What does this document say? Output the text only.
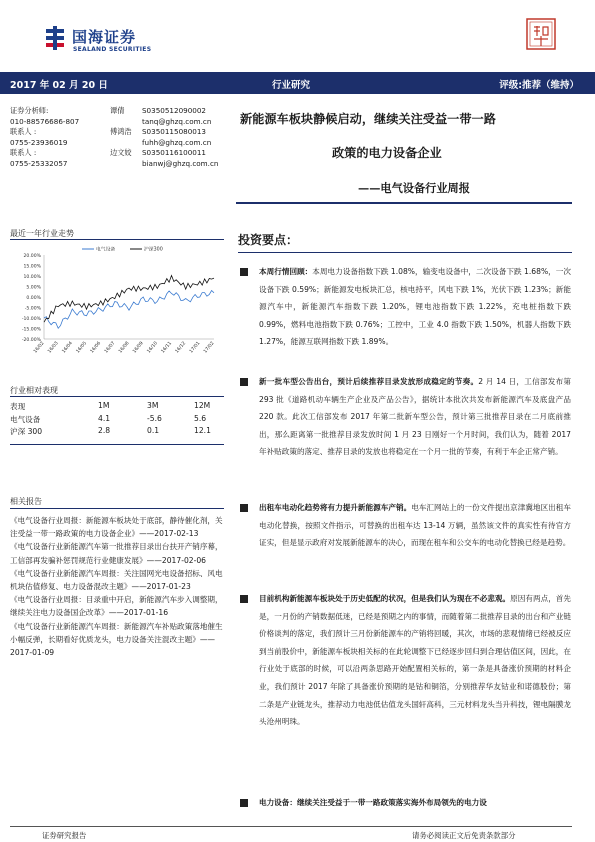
国海证券
SEALAND SECURITIES
2017 年 02 月 20 日	行业研究	评级:推荐（维持）
证券分析师:	谭倩 S0350512090002
010-88576686-807	tanq@ghzq.com.cn
联系人 :	傅鸿浩 S0350115080013
0755-23936019	fuhh@ghzq.com.cn
联系人 :	边文姣 S0350116100011
0755-25332057	bianwj@ghzq.com.cn
新能源车板块静候启动，继续关注受益一带一路
政策的电力设备企业
——电气设备行业周报
最近一年行业走势
20.00%
15.00%
10.00%
5.00%
0.00%
-5.00%
-10.00%
-15.00%
-20.00%
16/02 16/03 16/04 16/05 16/06 16/07 16/08 16/09 16/10 16/11 16/12 17/01 17/02
电气设备	沪深300
行业相对表现
表现	1M	3M	12M
电气设备	4.1	-5.6	5.6
沪深 300	2.8	0.1	12.1
相关报告
《电气设备行业周报：新能源车板块处于底部，静待催化剂，关注受益一带一路政策的电力设备企业》——2017-02-13
《电气设备行业新能源汽车第一批推荐目录出台扶开产销序幕，工信部再发骗补惩罚规范行业健康发展》——2017-02-06
《电气设备行业新能源汽车周报：关注国网光电设备招标、风电机块估值修复、电力设备混改主题》——2017-01-23
《电气设备行业周报：目录重中开启，新能源汽车步入调整期，继续关注电力设备国企改革》——2017-01-16
《电气设备行业新能源汽车周报：新能源汽车补贴政策落地催生小幅反弹，长期看好优质龙头，电力设备关注混改主题》——2017-01-09
投资要点：
本周行情回顾：本周电力设备指数下跌 1.08%，输变电设备中，二次设备下跌 1.68%，一次设备下跌 0.59%；新能源发电板块汇总，核电持平，风电下跌 1%，光伏下跌 1.23%；新能源汽车中，新能源汽车指数下跌 1.20%，锂电池指数下跌 1.22%，充电桩指数下跌 0.99%，燃料电池指数下跌 0.76%；工控中，工业 4.0 指数下跌 1.50%，机器人指数下跌 1.27%，能源互联网指数下跌 1.89%。
新一批车型公告出台，预计后续推荐目录发放形成稳定的节奏。2 月 14 日，工信部发布第 293 批《道路机动车辆生产企业及产品公告》，据统计本批次共发布新能源汽车及底盘产品 220 款。此次工信部发布 2017 年第二批新车型公告，预计第三批推荐目录在二月底前推出，那么距离第一批推荐目录发放时间 1 月 23 日刚好一个月时间，我们认为，随着 2017 年补贴政策的落定、推荐目录的发放也将稳定在一个月一批的节奏，有利于车企正常产销。
出租车电动化趋势将有力提升新能源车产销。电车汇网站上的一份文件提出京津冀地区出租车电动化替换，按照文件指示，可替换的出租车达 13-14 万辆，虽然该文件的真实性有待官方证实，但是显示政府对发展新能源车的决心，而现在租车和公交车的电动化替换已经是趋势。
目前机构新能源车板块处于历史低配的状况，但是我们认为现在不必悲观。原因有两点，首先是，一月份的产销数据低迷，已经是预期之内的事情，而随着第二批推荐目录的出台和产业链价格谈判的落定，我们预计三月份新能源车的产销将回暖，其次，市场的悲观情绪已经被反应到当前股价中，新能源车板块相关标的在此轮调整下已经逐步回归到合理估值区间，因此，在行业处于底部的时候，可以沿两条思路开始配置相关标的，第一条是具备涨价预期的材料企业，我们预计 2017 年除了具备涨价预期的是钴和铜箔，分别推荐华友钴业和诺德股份；第二条是产业链龙头，推荐动力电池低估值龙头国轩高科，三元材料龙头当升科技，锂电隔膜龙头沧州明珠。
电力设备：继续关注受益于一带一路政策落实海外布局领先的电力设
证券研究报告	请务必阅读正文后免责条款部分
